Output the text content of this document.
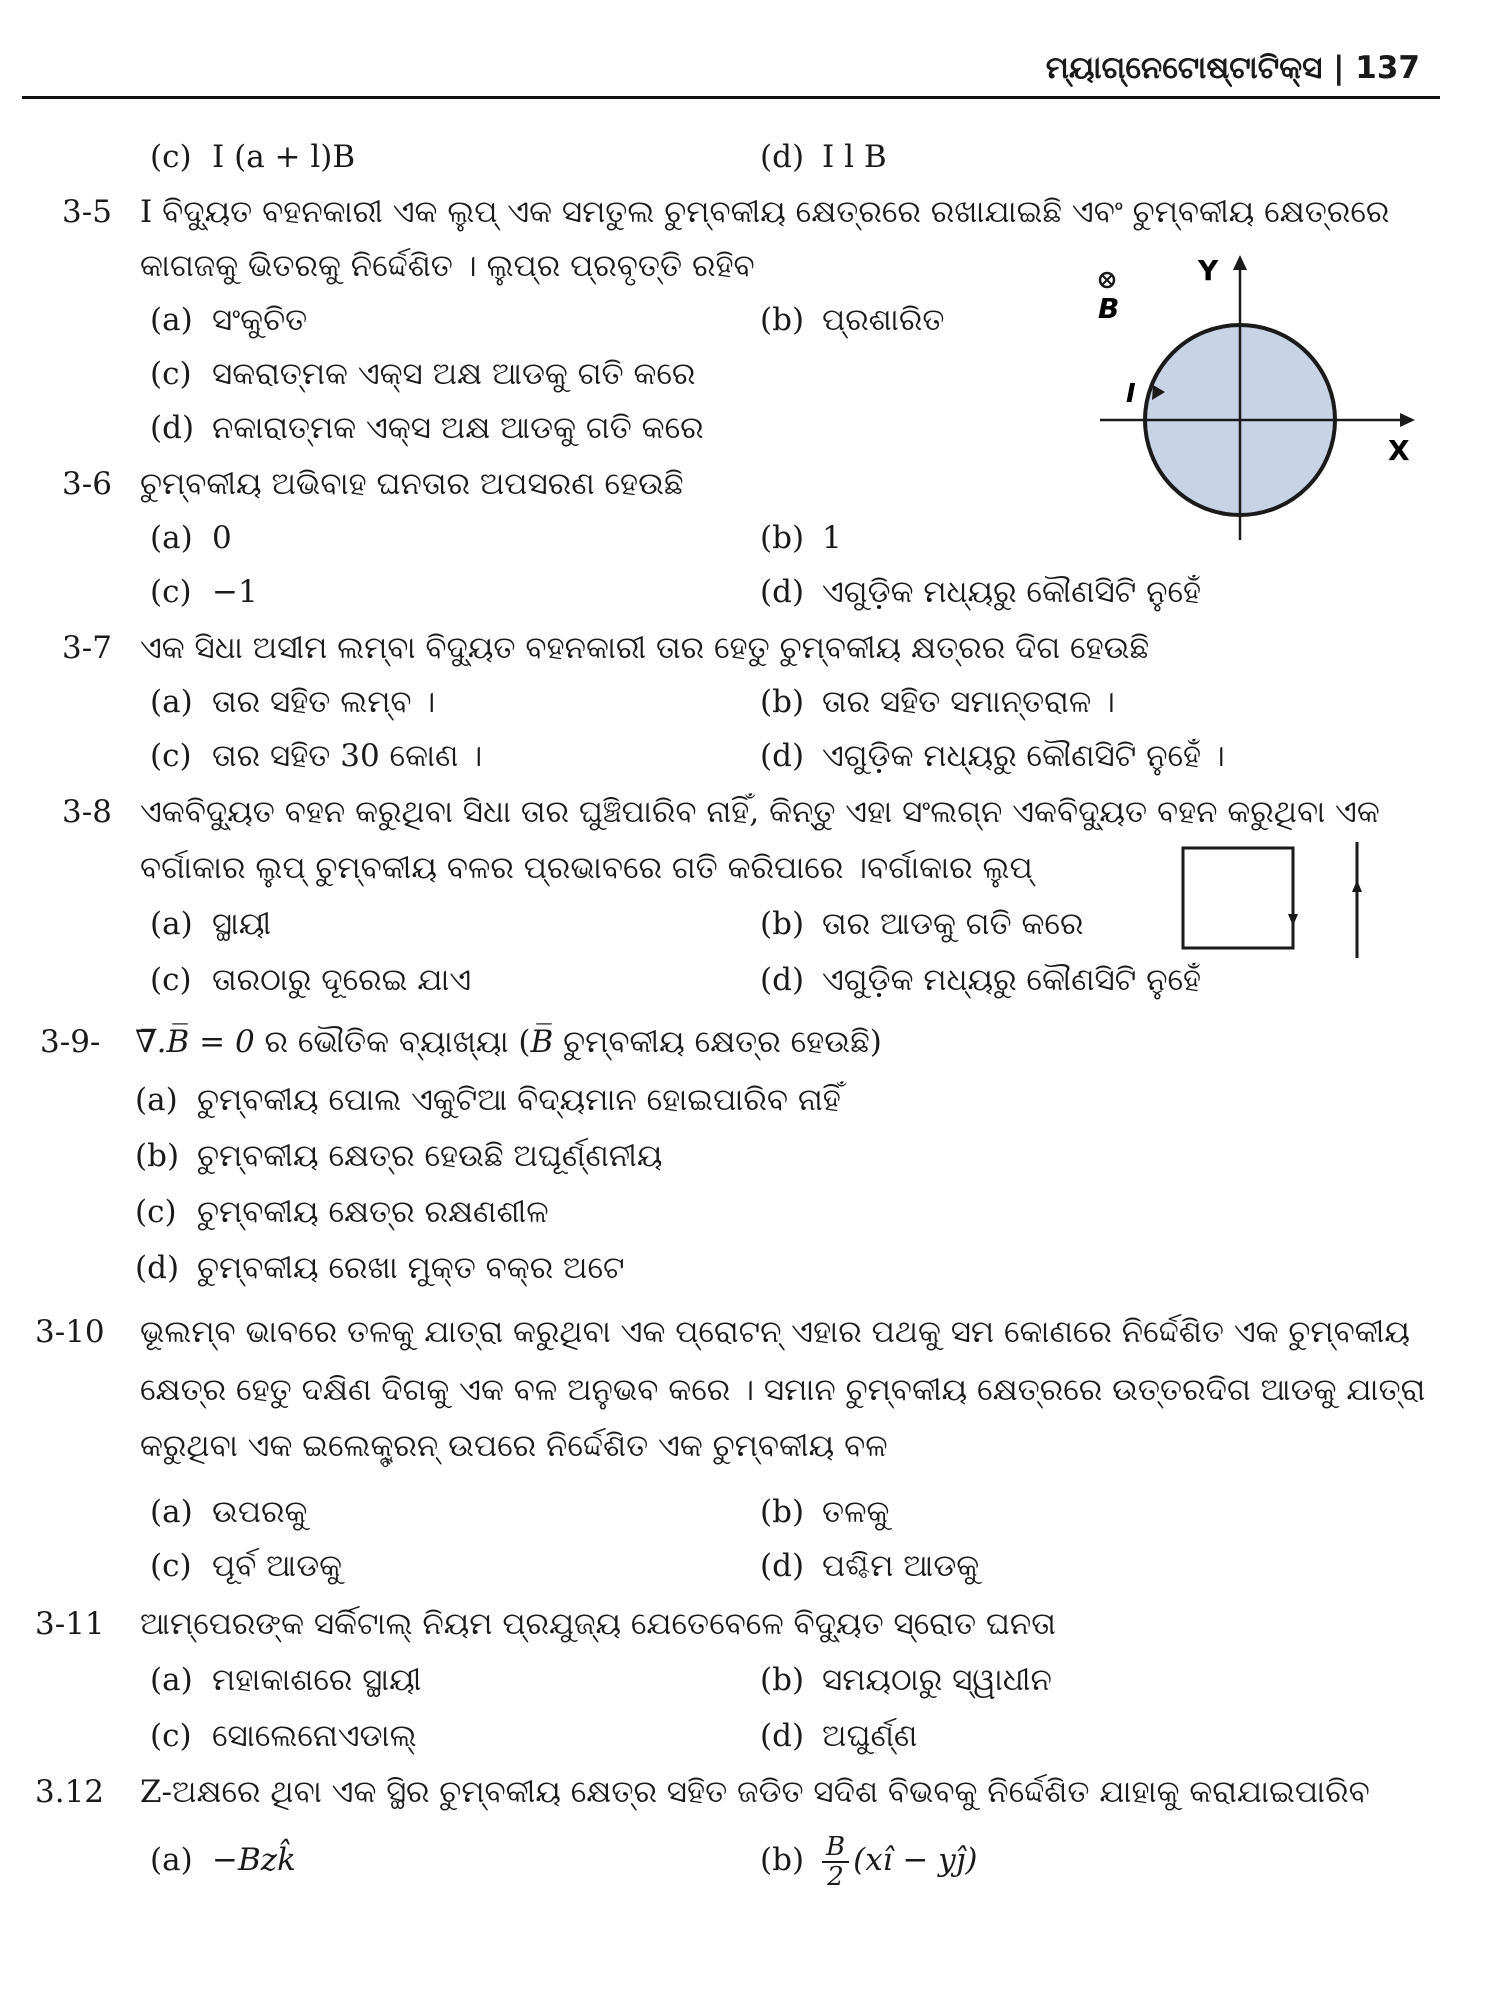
ମ୍ୟାଗ୍ନେଟୋଷ୍ଟାଟିକ୍ସ | 137
(c) I (a + l)B	(d) I l B
3-5 I ବିଦ୍ୟୁତ ବହନକାରୀ ଏକ ଲୁପ୍ ଏକ ସମତୁଲ ଚୁମ୍ବକୀୟ କ୍ଷେତ୍ରରେ ରଖାଯାଇଛି ଏବଂ ଚୁମ୍ବକୀୟ କ୍ଷେତ୍ରରେ
କାଗଜକୁ ଭିତରକୁ ନିର୍ଦ୍ଦେଶିତ । ଲୁପ୍‌ର ପ୍ରବୃତ୍ତି ରହିବ
(a) ସଂକୁଚିତ	(b) ପ୍ରଶାରିତ
(c) ସକରାତ୍ମକ ଏକ୍ସ ଅକ୍ଷ ଆଡକୁ ଗତି କରେ
(d) ନକାରାତ୍ମକ ଏକ୍ସ ଅକ୍ଷ ଆଡକୁ ଗତି କରେ
B
Y
X
I
3-6 ଚୁମ୍ବକୀୟ ଅଭିବାହ ଘନତାର ଅପସରଣ ହେଉଛି
(a) 0	(b) 1
(c) −1	(d) ଏଗୁଡ଼ିକ ମଧ୍ୟରୁ କୌଣସିଟି ନୁହେଁ
3-7 ଏକ ସିଧା ଅସୀମ ଲମ୍ବା ବିଦ୍ୟୁତ ବହନକାରୀ ତାର ହେତୁ ଚୁମ୍ବକୀୟ କ୍ଷତ୍ରର ଦିଗ ହେଉଛି
(a) ତାର ସହିତ ଲମ୍ବ ।	(b) ତାର ସହିତ ସମାନ୍ତରାଳ ।
(c) ତାର ସହିତ 30 କୋଣ ।	(d) ଏଗୁଡ଼ିକ ମଧ୍ୟରୁ କୌଣସିଟି ନୁହେଁ ।
3-8 ଏକବିଦ୍ୟୁତ ବହନ କରୁଥିବା ସିଧା ତାର ଘୁଞ୍ଚିପାରିବ ନାହିଁ, କିନ୍ତୁ ଏହା ସଂଲଗ୍ନ ଏକବିଦ୍ୟୁତ ବହନ କରୁଥିବା ଏକ
ବର୍ଗାକାର ଲୁପ୍ ଚୁମ୍ବକୀୟ ବଳର ପ୍ରଭାବରେ ଗତି କରିପାରେ ।ବର୍ଗାକାର ଲୁପ୍
(a) ସ୍ଥାୟୀ	(b) ତାର ଆଡକୁ ଗତି କରେ
(c) ତାରଠାରୁ ଦୂରେଇ ଯାଏ	(d) ଏଗୁଡ଼ିକ ମଧ୍ୟରୁ କୌଣସିଟି ନୁହେଁ
3-9- ∇̅.B̅ = 0 ର ଭୌତିକ ବ୍ୟାଖ୍ୟା (B̅ ଚୁମ୍ବକୀୟ କ୍ଷେତ୍ର ହେଉଛି)
(a) ଚୁମ୍ବକୀୟ ପୋଲ ଏକୁଟିଆ ବିଦ୍ୟମାନ ହୋଇପାରିବ ନାହିଁ
(b) ଚୁମ୍ବକୀୟ କ୍ଷେତ୍ର ହେଉଛି ଅଘୂର୍ଣ୍ଣନୀୟ
(c) ଚୁମ୍ବକୀୟ କ୍ଷେତ୍ର ରକ୍ଷଣଶୀଳ
(d) ଚୁମ୍ବକୀୟ ରେଖା ମୁକ୍ତ ବକ୍ର ଅଟେ
3-10 ଭୂଲମ୍ବ ଭାବରେ ତଳକୁ ଯାତ୍ରା କରୁଥିବା ଏକ ପ୍ରୋଟନ୍ ଏହାର ପଥକୁ ସମ କୋଣରେ ନିର୍ଦ୍ଦେଶିତ ଏକ ଚୁମ୍ବକୀୟ
କ୍ଷେତ୍ର ହେତୁ ଦକ୍ଷିଣ ଦିଗକୁ ଏକ ବଳ ଅନୁଭବ କରେ । ସମାନ ଚୁମ୍ବକୀୟ କ୍ଷେତ୍ରରେ ଉତ୍ତରଦିଗ ଆଡକୁ ଯାତ୍ରା
କରୁଥିବା ଏକ ଇଲେକ୍ଟ୍ରନ୍ ଉପରେ ନିର୍ଦ୍ଦେଶିତ ଏକ ଚୁମ୍ବକୀୟ ବଳ
(a) ଉପରକୁ	(b) ତଳକୁ
(c) ପୂର୍ବ ଆଡକୁ	(d) ପଶ୍ଚିମ ଆଡକୁ
3-11 ଆମ୍ପେରଙ୍କ ସର୍କିଟାଲ୍ ନିୟମ ପ୍ରଯୁଜ୍ୟ ଯେତେବେଳେ ବିଦ୍ୟୁତ ସ୍ରୋତ ଘନତା
(a) ମହାକାଶରେ ସ୍ଥାୟୀ	(b) ସମୟଠାରୁ ସ୍ୱାଧୀନ
(c) ସୋଲେନୋଏଡାଲ୍	(d) ଅଘୁର୍ଣ୍ଣ
3.12 Z-ଅକ୍ଷରେ ଥିବା ଏକ ସ୍ଥିର ଚୁମ୍ବକୀୟ କ୍ଷେତ୍ର ସହିତ ଜଡିତ ସଦିଶ ବିଭବକୁ ନିର୍ଦ୍ଦେଶିତ ଯାହାକୁ କରାଯାଇପାରିବ
(a) −Bzk̂	$(b) \frac{B}{2}$ (xî − yĵ)
